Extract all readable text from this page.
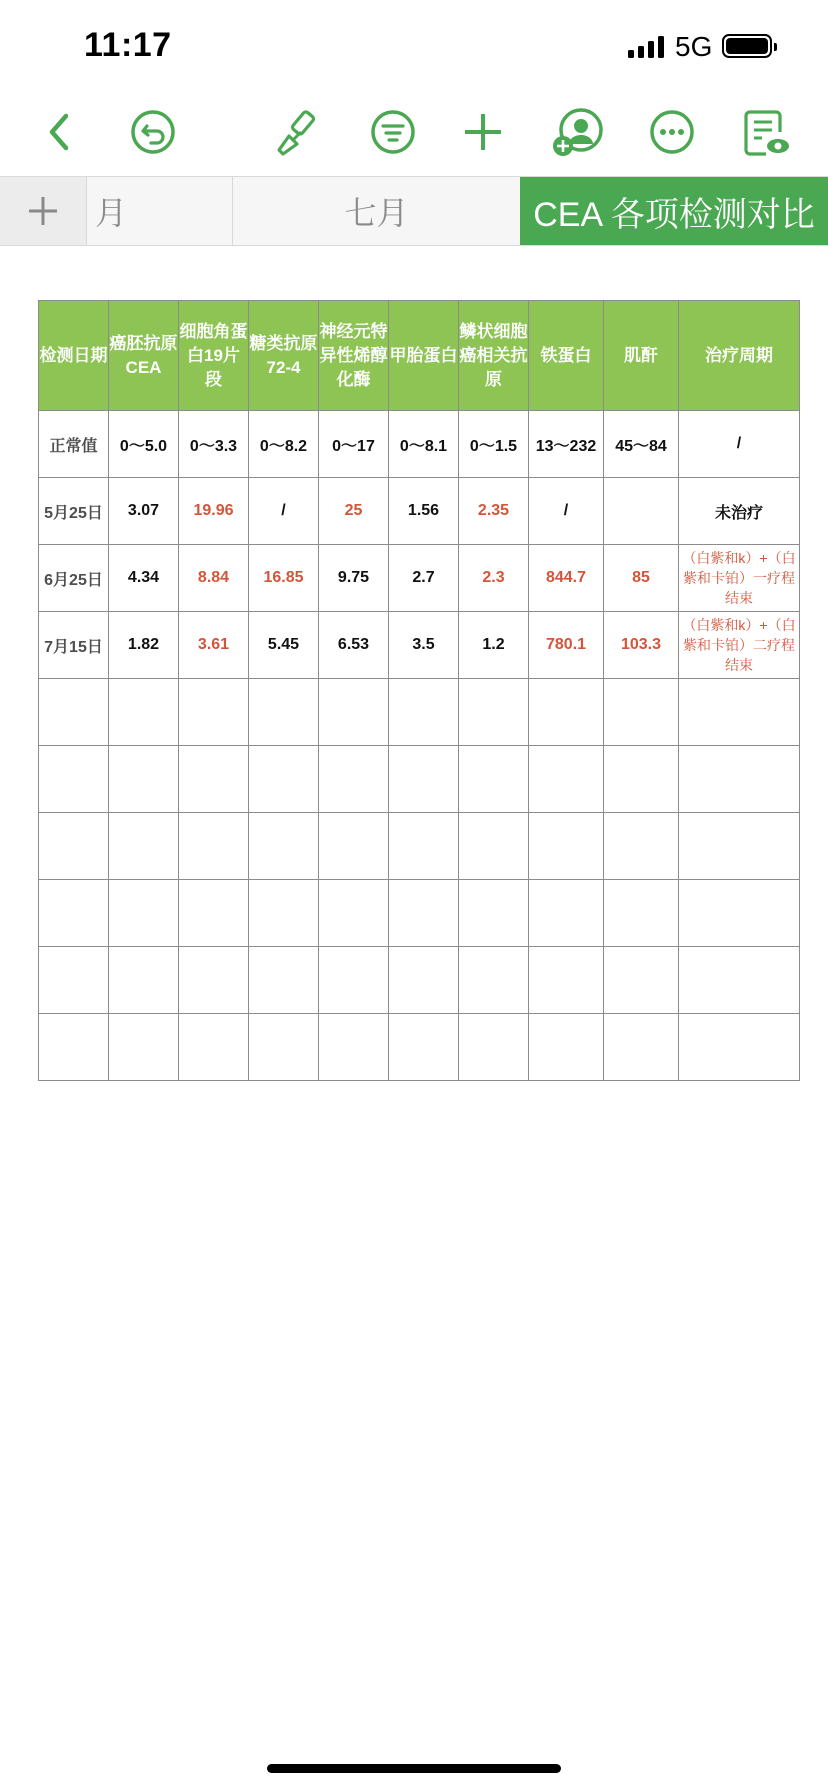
11:17	5G
月	七月	CEA 各项检测对比
检测日期	癌胚抗原CEA	细胞角蛋白19片段	糖类抗原72-4	神经元特异性烯醇化酶	甲胎蛋白	鳞状细胞癌相关抗原	铁蛋白	肌酐	治疗周期
正常值	0～5.0	0～3.3	0～8.2	0～17	0～8.1	0～1.5	13～232	45～84	/
5月25日	3.07	19.96	/	25	1.56	2.35	/		未治疗
6月25日	4.34	8.84	16.85	9.75	2.7	2.3	844.7	85	（白紫和k）+（白紫和卡铂）一疗程结束
7月15日	1.82	3.61	5.45	6.53	3.5	1.2	780.1	103.3	（白紫和k）+（白紫和卡铂）二疗程结束
